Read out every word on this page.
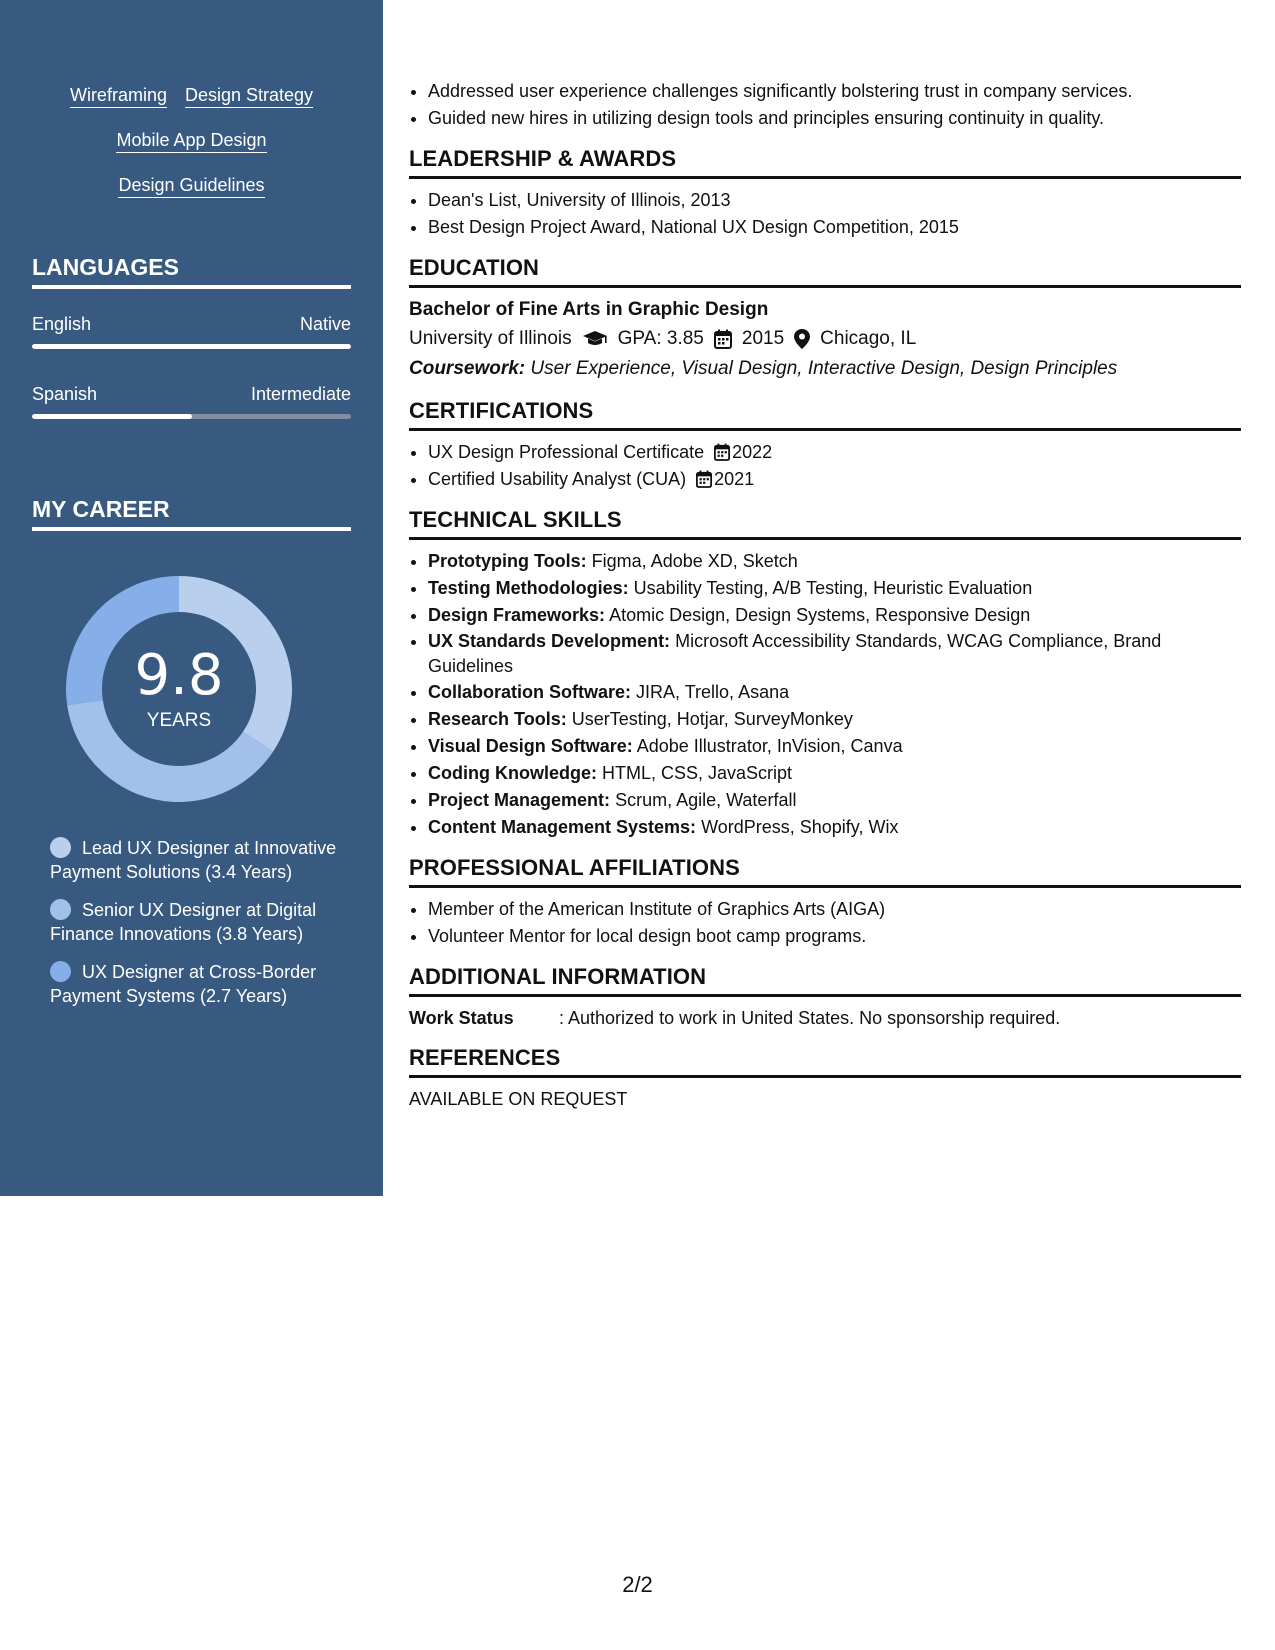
Wireframing Design Strategy
Mobile App Design
Design Guidelines
LANGUAGES
English	Native
Spanish	Intermediate
MY CAREER
9.8
YEARS
Lead UX Designer at Innovative Payment Solutions (3.4 Years)
Senior UX Designer at Digital Finance Innovations (3.8 Years)
UX Designer at Cross-Border Payment Systems (2.7 Years)
• Addressed user experience challenges significantly bolstering trust in company services.
• Guided new hires in utilizing design tools and principles ensuring continuity in quality.
LEADERSHIP & AWARDS
• Dean's List, University of Illinois, 2013
• Best Design Project Award, National UX Design Competition, 2015
EDUCATION
Bachelor of Fine Arts in Graphic Design
University of Illinois GPA: 3.85 2015 Chicago, IL
Coursework: User Experience, Visual Design, Interactive Design, Design Principles
CERTIFICATIONS
• UX Design Professional Certificate 2022
• Certified Usability Analyst (CUA) 2021
TECHNICAL SKILLS
• Prototyping Tools: Figma, Adobe XD, Sketch
• Testing Methodologies: Usability Testing, A/B Testing, Heuristic Evaluation
• Design Frameworks: Atomic Design, Design Systems, Responsive Design
• UX Standards Development: Microsoft Accessibility Standards, WCAG Compliance, Brand Guidelines
• Collaboration Software: JIRA, Trello, Asana
• Research Tools: UserTesting, Hotjar, SurveyMonkey
• Visual Design Software: Adobe Illustrator, InVision, Canva
• Coding Knowledge: HTML, CSS, JavaScript
• Project Management: Scrum, Agile, Waterfall
• Content Management Systems: WordPress, Shopify, Wix
PROFESSIONAL AFFILIATIONS
• Member of the American Institute of Graphics Arts (AIGA)
• Volunteer Mentor for local design boot camp programs.
ADDITIONAL INFORMATION
Work Status	: Authorized to work in United States. No sponsorship required.
REFERENCES
AVAILABLE ON REQUEST
2/2
